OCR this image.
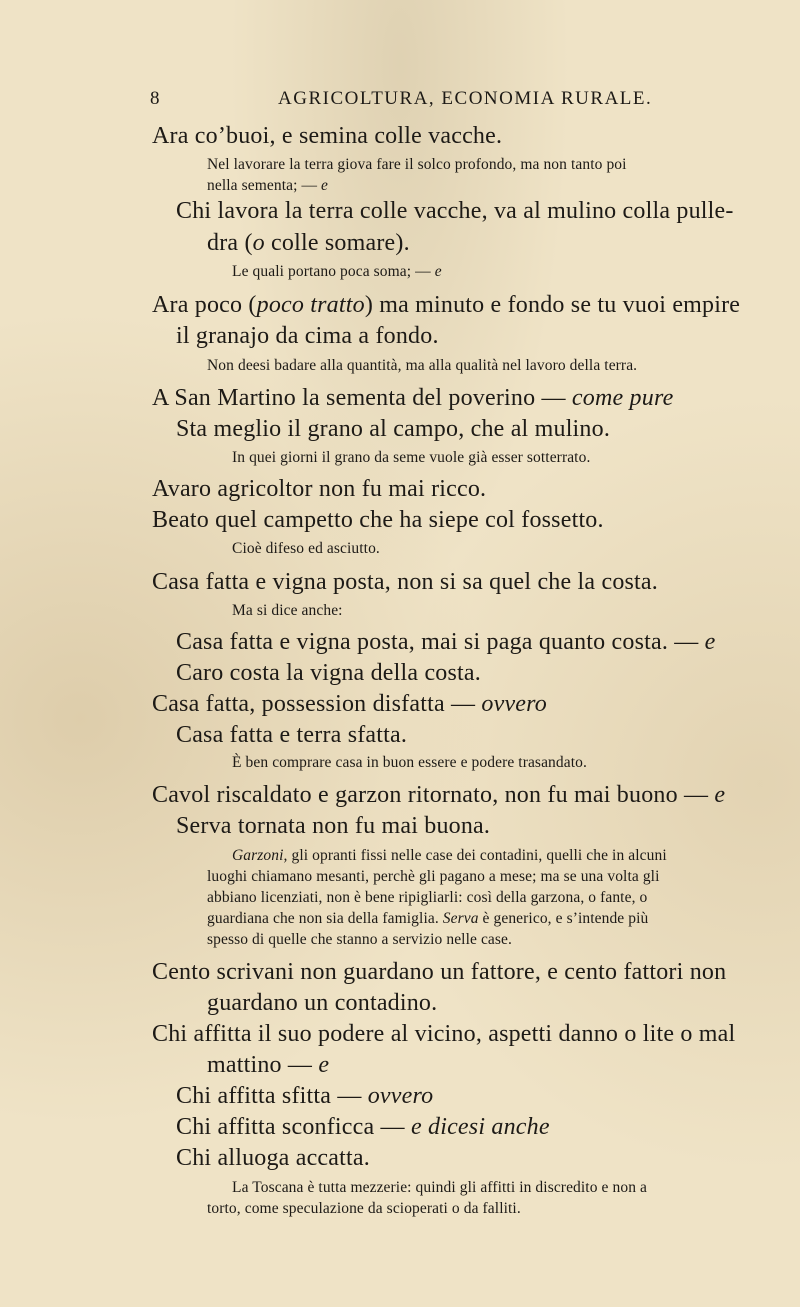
8	AGRICOLTURA, ECONOMIA RURALE.
Ara co’buoi, e semina colle vacche.
Nel lavorare la terra giova fare il solco profondo, ma non tanto poi
nella sementa; — e
Chi lavora la terra colle vacche, va al mulino colla pulle-
dra (o colle somare).
Le quali portano poca soma; — e
Ara poco (poco tratto) ma minuto e fondo se tu vuoi empire
il granajo da cima a fondo.
Non deesi badare alla quantità, ma alla qualità nel lavoro della terra.
A San Martino la sementa del poverino — come pure
Sta meglio il grano al campo, che al mulino.
In quei giorni il grano da seme vuole già esser sotterrato.
Avaro agricoltor non fu mai ricco.
Beato quel campetto che ha siepe col fossetto.
Cioè difeso ed asciutto.
Casa fatta e vigna posta, non si sa quel che la costa.
Ma si dice anche:
Casa fatta e vigna posta, mai si paga quanto costa. — e
Caro costa la vigna della costa.
Casa fatta, possession disfatta — ovvero
Casa fatta e terra sfatta.
È ben comprare casa in buon essere e podere trasandato.
Cavol riscaldato e garzon ritornato, non fu mai buono — e
Serva tornata non fu mai buona.
Garzoni, gli opranti fissi nelle case dei contadini, quelli che in alcuni
luoghi chiamano mesanti, perchè gli pagano a mese; ma se una volta gli
abbiano licenziati, non è bene ripigliarli: così della garzona, o fante, o
guardiana che non sia della famiglia. Serva è generico, e s’intende più
spesso di quelle che stanno a servizio nelle case.
Cento scrivani non guardano un fattore, e cento fattori non
guardano un contadino.
Chi affitta il suo podere al vicino, aspetti danno o lite o mal
mattino — e
Chi affitta sfitta — ovvero
Chi affitta sconficca — e dicesi anche
Chi alluoga accatta.
La Toscana è tutta mezzerie: quindi gli affitti in discredito e non a
torto, come speculazione da scioperati o da falliti.
